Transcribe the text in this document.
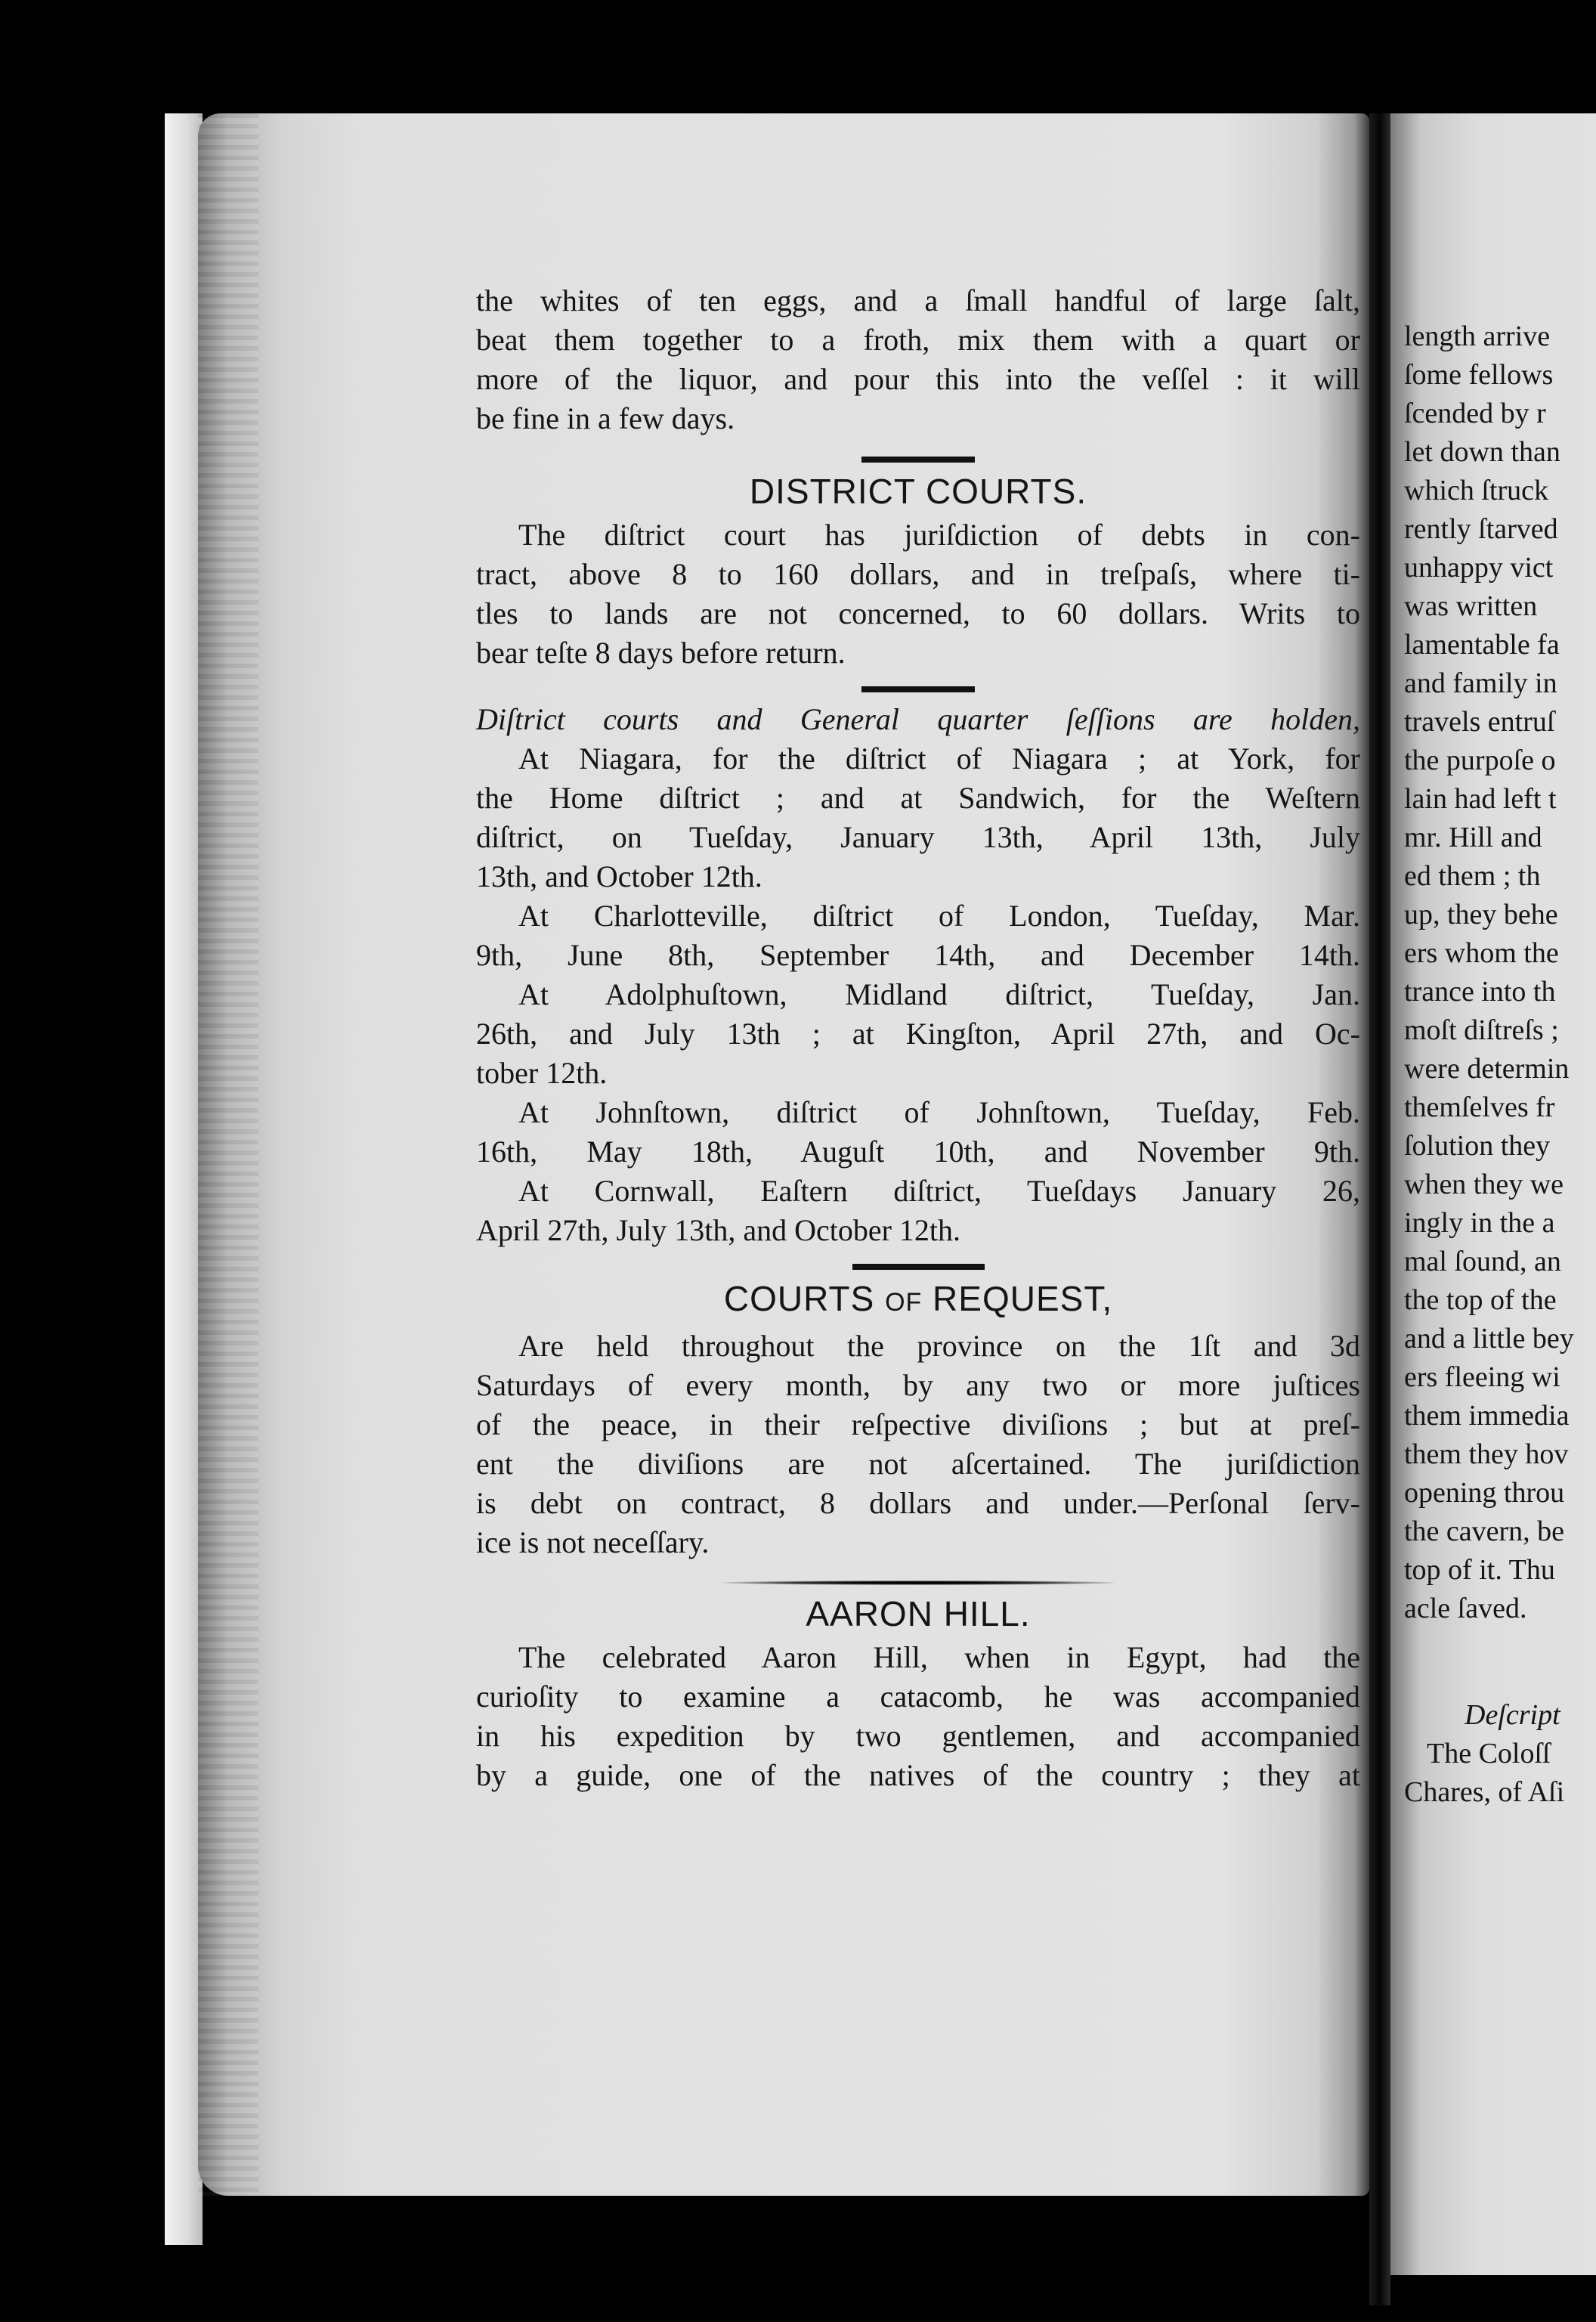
the whites of ten eggs, and a ſmall handful of large ſalt,

beat them together to a froth, mix them with a quart or

more of the liquor, and pour this into the veſſel : it will

be fine in a few days.

DISTRICT COURTS.

The diſtrict court has juriſdiction of debts in con-

tract, above 8 to 160 dollars, and in treſpaſs, where ti-

tles to lands are not concerned, to 60 dollars. Writs to

bear teſte 8 days before return.

Diſtrict courts and General quarter ſeſſions are holden,

At Niagara, for the diſtrict of Niagara ; at York, for

the Home diſtrict ; and at Sandwich, for the Weſtern

diſtrict, on Tueſday, January 13th, April 13th, July

13th, and October 12th.

At Charlotteville, diſtrict of London, Tueſday, Mar.

9th, June 8th, September 14th, and December 14th.

At Adolphuſtown, Midland diſtrict, Tueſday, Jan.

26th, and July 13th ; at Kingſton, April 27th, and Oc-

tober 12th.

At Johnſtown, diſtrict of Johnſtown, Tueſday, Feb.

16th, May 18th, Auguſt 10th, and November 9th.

At Cornwall, Eaſtern diſtrict, Tueſdays January 26,

April 27th, July 13th, and October 12th.

COURTS OF REQUEST,

Are held throughout the province on the 1ſt and 3d

Saturdays of every month, by any two or more juſtices

of the peace, in their reſpective diviſions ; but at preſ-

ent the diviſions are not aſcertained. The juriſdiction

is debt on contract, 8 dollars and under.—Perſonal ſerv-

ice is not neceſſary.

AARON HILL.

The celebrated Aaron Hill, when in Egypt, had the

curioſity to examine a catacomb, he was accompanied

in his expedition by two gentlemen, and accompanied

by a guide, one of the natives of the country ; they at

length arrive
ſome fellows
ſcended by r
let down than
which ſtruck
rently ſtarved
unhappy vict
was written
lamentable fa
and family in
travels entruſ
the purpoſe o
lain had left t
mr. Hill and
ed them ; th
up, they behe
ers whom the
trance into th
moſt diſtreſs ;
were determin
themſelves fr
ſolution they
when they we
ingly in the a
mal ſound, an
the top of the
and a little bey
ers fleeing wi
them immedia
them they hov
opening throu
the cavern, be
top of it. Thu
acle ſaved.
Deſcript
The Coloſſ
Chares, of Aſi
